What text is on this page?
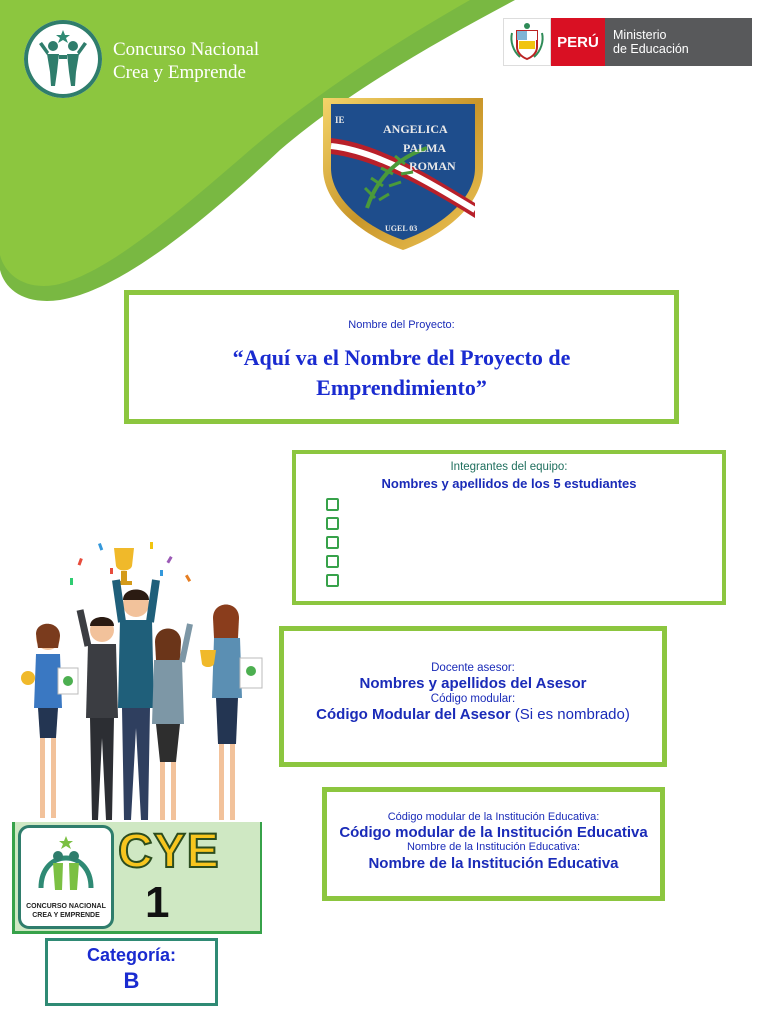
Concurso Nacional
Crea y Emprende
PERÚ	Ministerio
de Educación
IE
ANGELICA
PALMA
ROMAN
UGEL 03
Nombre del Proyecto:
“Aquí va el Nombre del Proyecto de
Emprendimiento”
Integrantes del equipo:
Nombres y apellidos de los 5 estudiantes
CONCURSO NACIONAL
CREA Y EMPRENDE
CYE
1
Categoría:
B
Docente asesor:
Nombres y apellidos del Asesor
Código modular:
Código Modular del Asesor (Si es nombrado)
Código modular de la Institución Educativa:
Código modular de la Institución Educativa
Nombre de la Institución Educativa:
Nombre de la Institución Educativa
